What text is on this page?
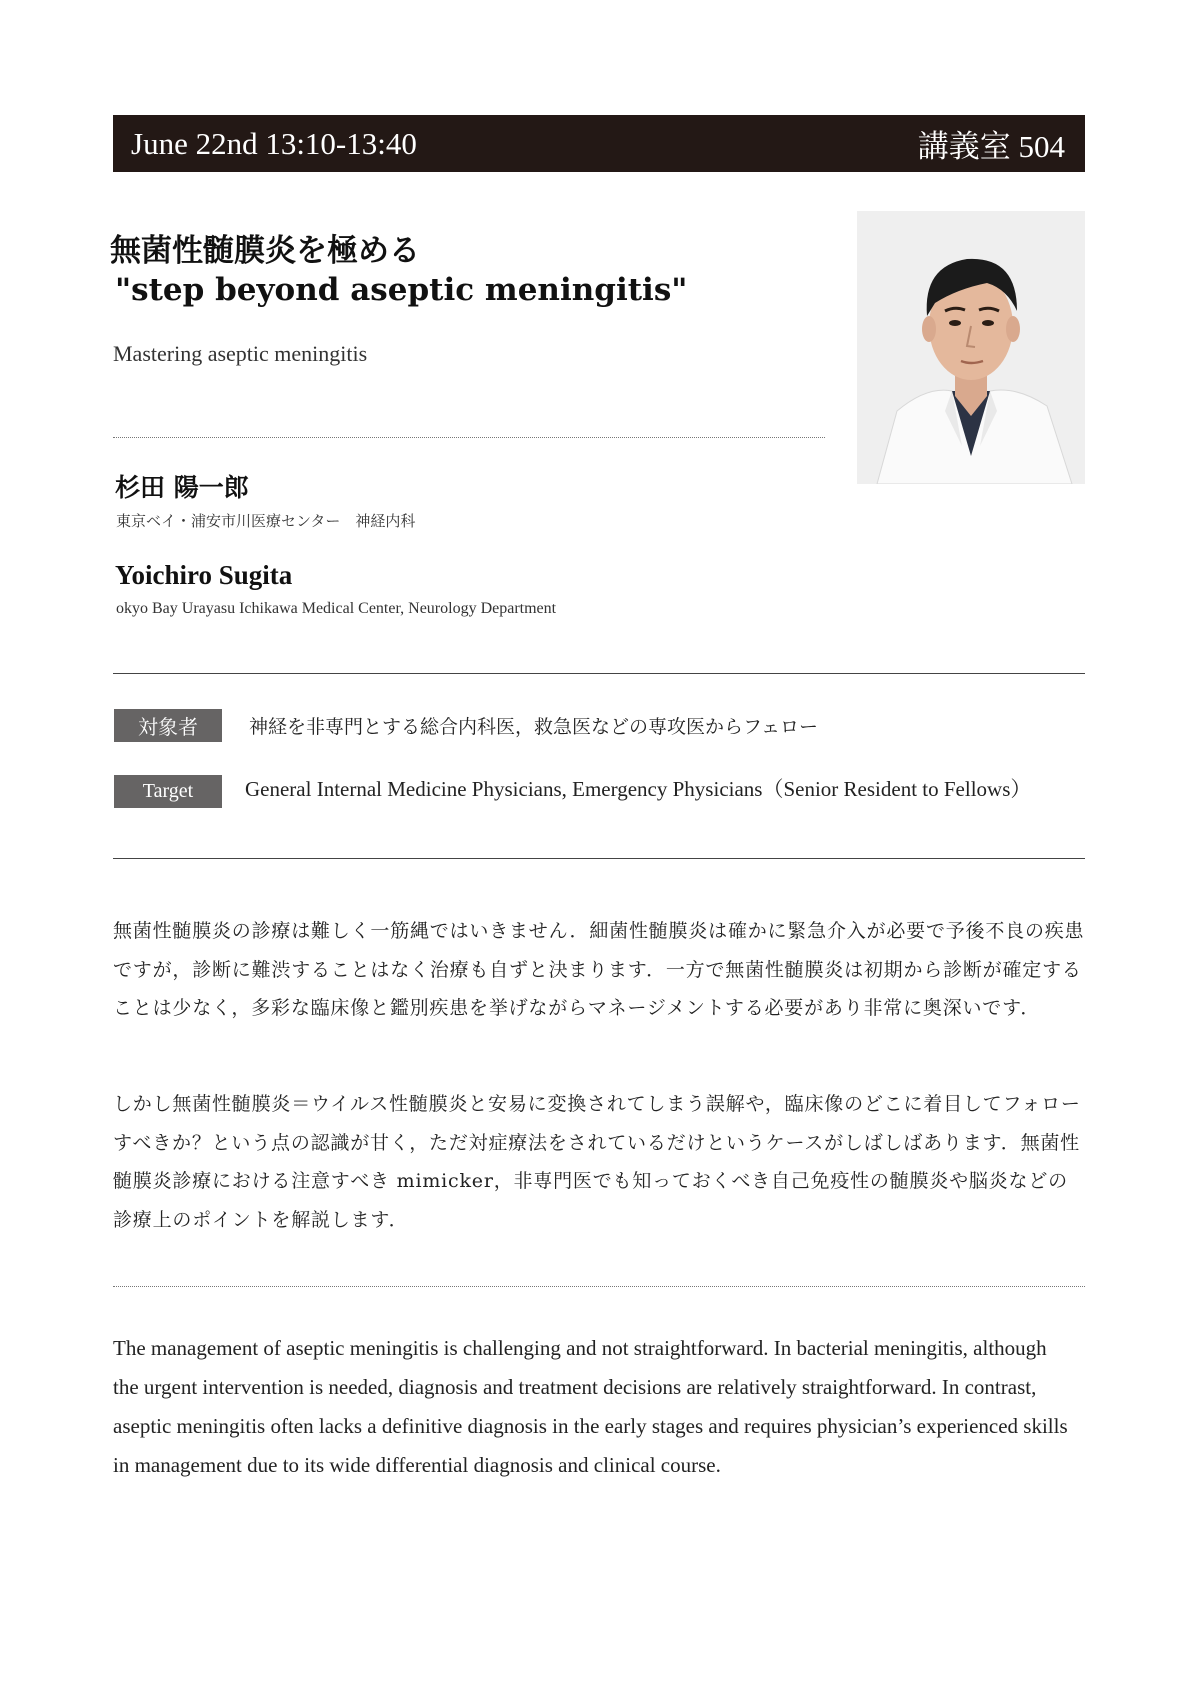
June 22nd 13:10-13:40	講義室 504
無菌性髄膜炎を極める
"step beyond aseptic meningitis"
Mastering aseptic meningitis
杉田 陽一郎
東京ベイ・浦安市川医療センター　神経内科
Yoichiro Sugita
okyo Bay Urayasu Ichikawa Medical Center, Neurology Department
対象者	神経を非専門とする総合内科医，救急医などの専攻医からフェロー
Target	General Internal Medicine Physicians, Emergency Physicians（Senior Resident to Fellows）

無菌性髄膜炎の診療は難しく一筋縄ではいきません．細菌性髄膜炎は確かに緊急介入が必要で予後不良の疾患ですが，診断に難渋することはなく治療も自ずと決まります．一方で無菌性髄膜炎は初期から診断が確定することは少なく，多彩な臨床像と鑑別疾患を挙げながらマネージメントする必要があり非常に奥深いです．

しかし無菌性髄膜炎＝ウイルス性髄膜炎と安易に変換されてしまう誤解や，臨床像のどこに着目してフォローすべきか？という点の認識が甘く，ただ対症療法をされているだけというケースがしばしばあります．無菌性髄膜炎診療における注意すべき mimicker，非専門医でも知っておくべき自己免疫性の髄膜炎や脳炎などの診療上のポイントを解説します．

The management of aseptic meningitis is challenging and not straightforward. In bacterial meningitis, although the urgent intervention is needed, diagnosis and treatment decisions are relatively straightforward. In contrast, aseptic meningitis often lacks a definitive diagnosis in the early stages and requires physician’s experienced skills in management due to its wide differential diagnosis and clinical course.
